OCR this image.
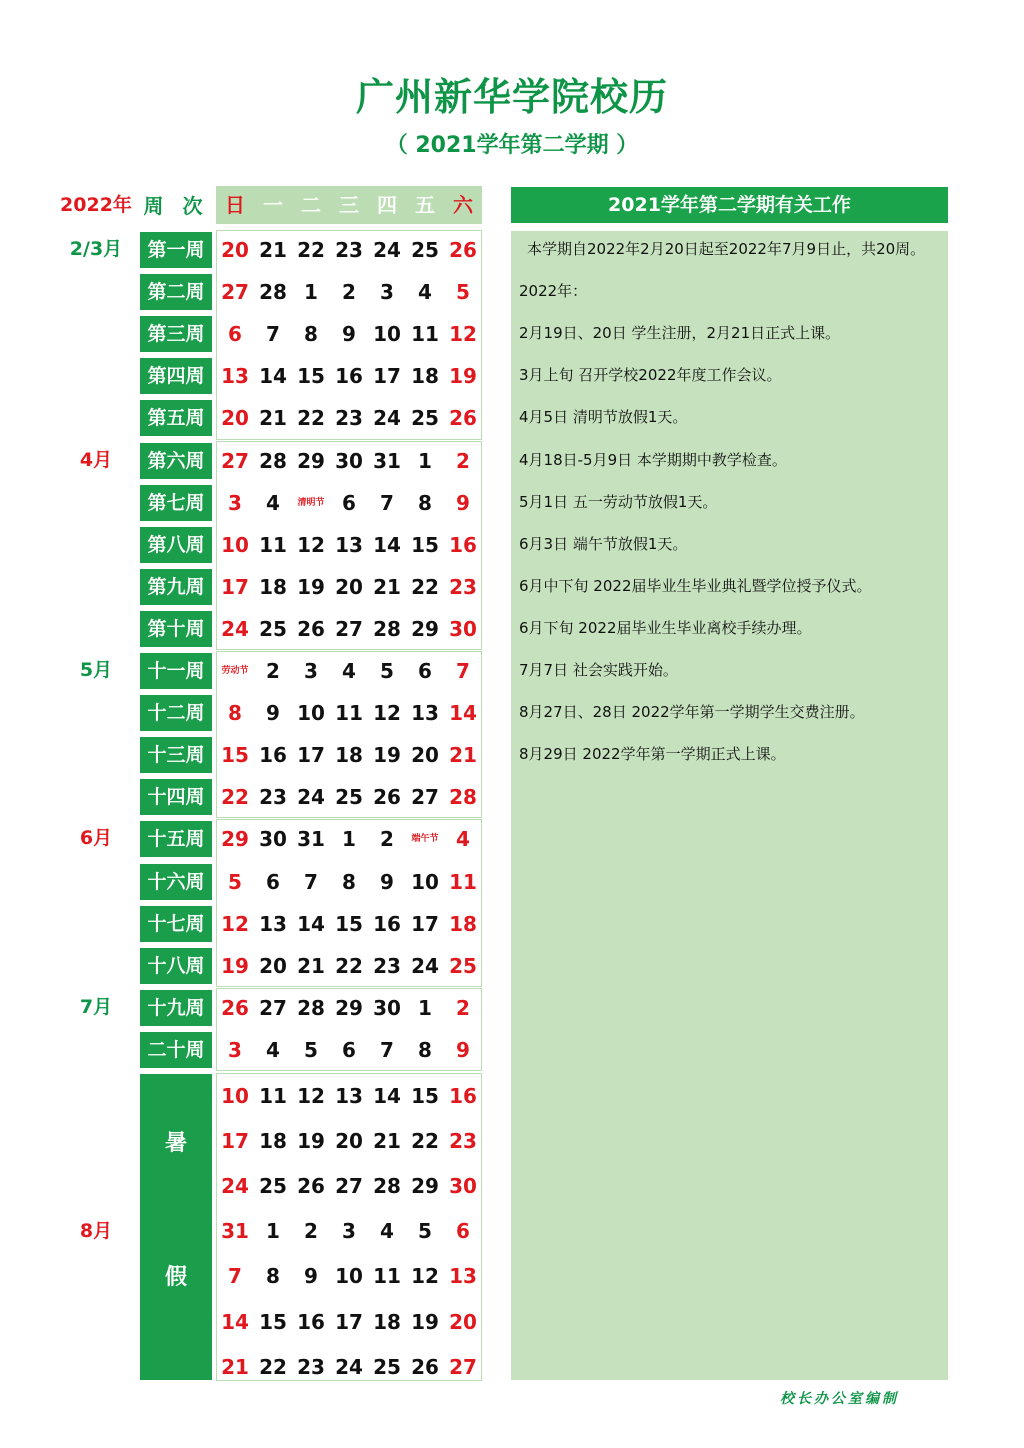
广州新华学院校历
（ 2021学年第二学期 ）
2022年 周 次 日 一 二 三 四 五 六
第一周 20 21 22 23 24 25 26
第二周 27 28 1	2	3	4	5
第三周	6	7	8	9 10 11 12
第四周 13 14 15 16 17 18 19
第五周 20 21 22 23 24 25 26
第六周 27 28 29 30 31 1	2
第七周	3	4	清明节 6	7	8	9
第八周 10 11 12 13 14 15 16
第九周 17 18 19 20 21 22 23
第十周 24 25 26 27 28 29 30
十一周	劳动节 2	3	4	5	6	7
十二周	8	9 10 11 12 13 14
十三周 15 16 17 18 19 20 21
十四周 22 23 24 25 26 27 28
十五周 29 30 31 1	2	端午节 4
十六周	5	6	7	8	9 10 11
十七周 12 13 14 15 16 17 18
十八周 19 20 21 22 23 24 25
十九周 26 27 28 29 30 1	2
二十周	3	4	5	6	7	8	9
10 11 12 13 14 15 16
17 18 19 20 21 22 23
24 25 26 27 28 29 30
31 1	2	3	4	5	6
7	8	9 10 11 12 13
14 15 16 17 18 19 20
21 22 23 24 25 26 27
2/3月
4月
5月
6月
7月
8月
暑
假
2021学年第二学期有关工作
本学期自2022年2月20日起至2022年7月9日止，共20周。
2022年：
2月19日、20日 学生注册，2月21日正式上课。
3月上旬 召开学校2022年度工作会议。
4月5日 清明节放假1天。
4月18日-5月9日 本学期期中教学检查。
5月1日 五一劳动节放假1天。
6月3日 端午节放假1天。
6月中下旬 2022届毕业生毕业典礼暨学位授予仪式。
6月下旬 2022届毕业生毕业离校手续办理。
7月7日 社会实践开始。
8月27日、28日 2022学年第一学期学生交费注册。
8月29日 2022学年第一学期正式上课。
校长办公室编制
